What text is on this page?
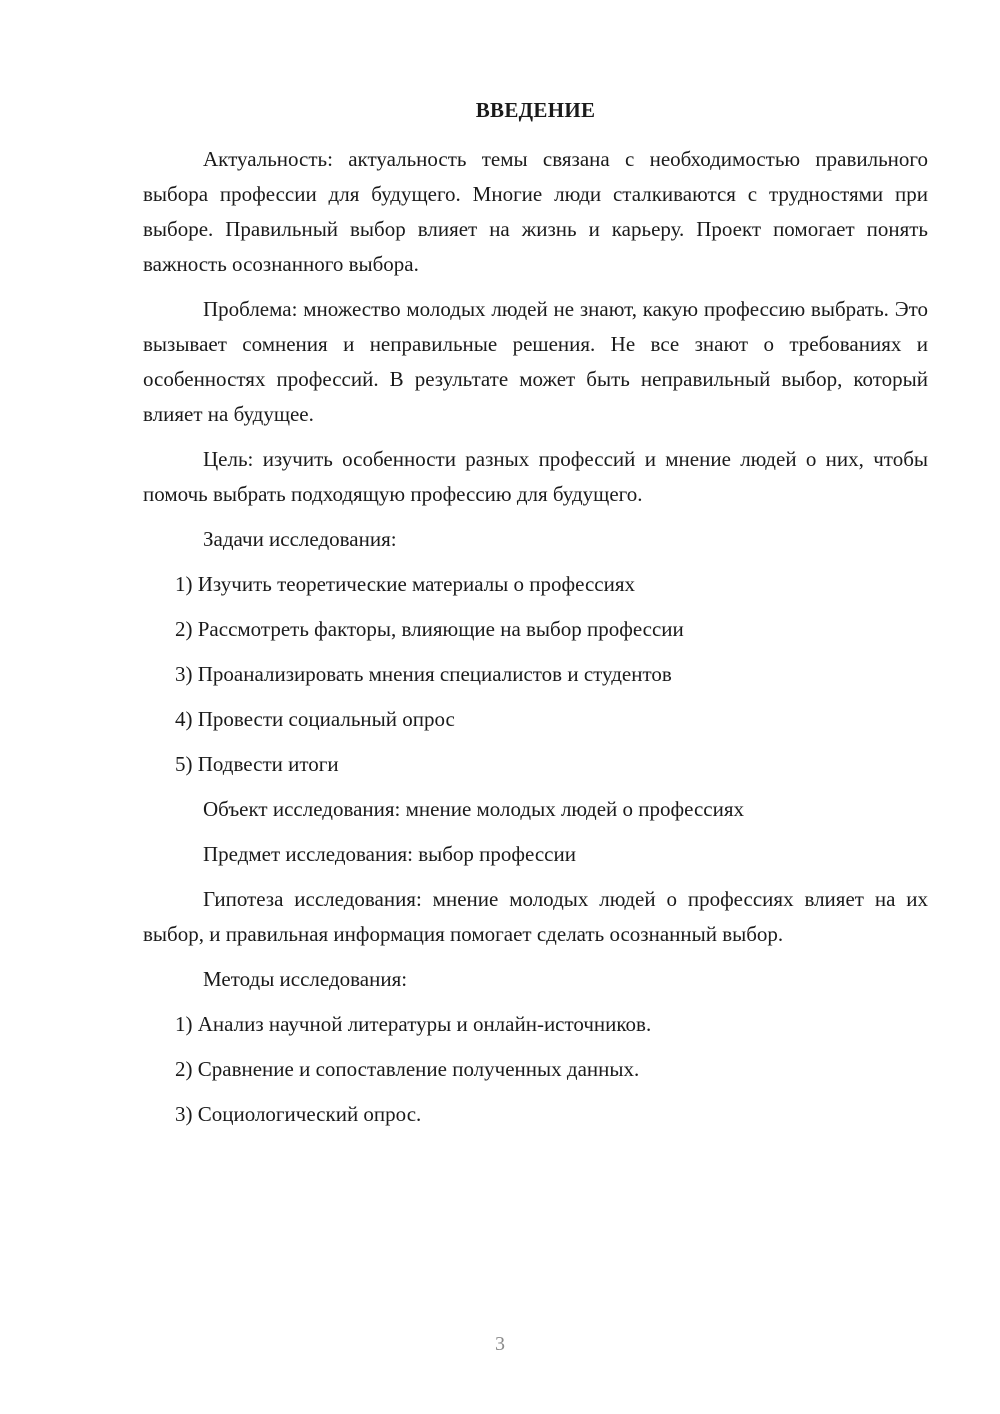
ВВЕДЕНИЕ

Актуальность: актуальность темы связана с необходимостью правильного выбора профессии для будущего. Многие люди сталкиваются с трудностями при выборе. Правильный выбор влияет на жизнь и карьеру. Проект помогает понять важность осознанного выбора.

Проблема: множество молодых людей не знают, какую профессию выбрать. Это вызывает сомнения и неправильные решения. Не все знают о требованиях и особенностях профессий. В результате может быть неправильный выбор, который влияет на будущее.

Цель: изучить особенности разных профессий и мнение людей о них, чтобы помочь выбрать подходящую профессию для будущего.

Задачи исследования:

1) Изучить теоретические материалы о профессиях

2) Рассмотреть факторы, влияющие на выбор профессии

3) Проанализировать мнения специалистов и студентов

4) Провести социальный опрос

5) Подвести итоги

Объект исследования: мнение молодых людей о профессиях

Предмет исследования: выбор профессии

Гипотеза исследования: мнение молодых людей о профессиях влияет на их выбор, и правильная информация помогает сделать осознанный выбор.

Методы исследования:

1) Анализ научной литературы и онлайн-источников.

2) Сравнение и сопоставление полученных данных.

3) Социологический опрос.

3
